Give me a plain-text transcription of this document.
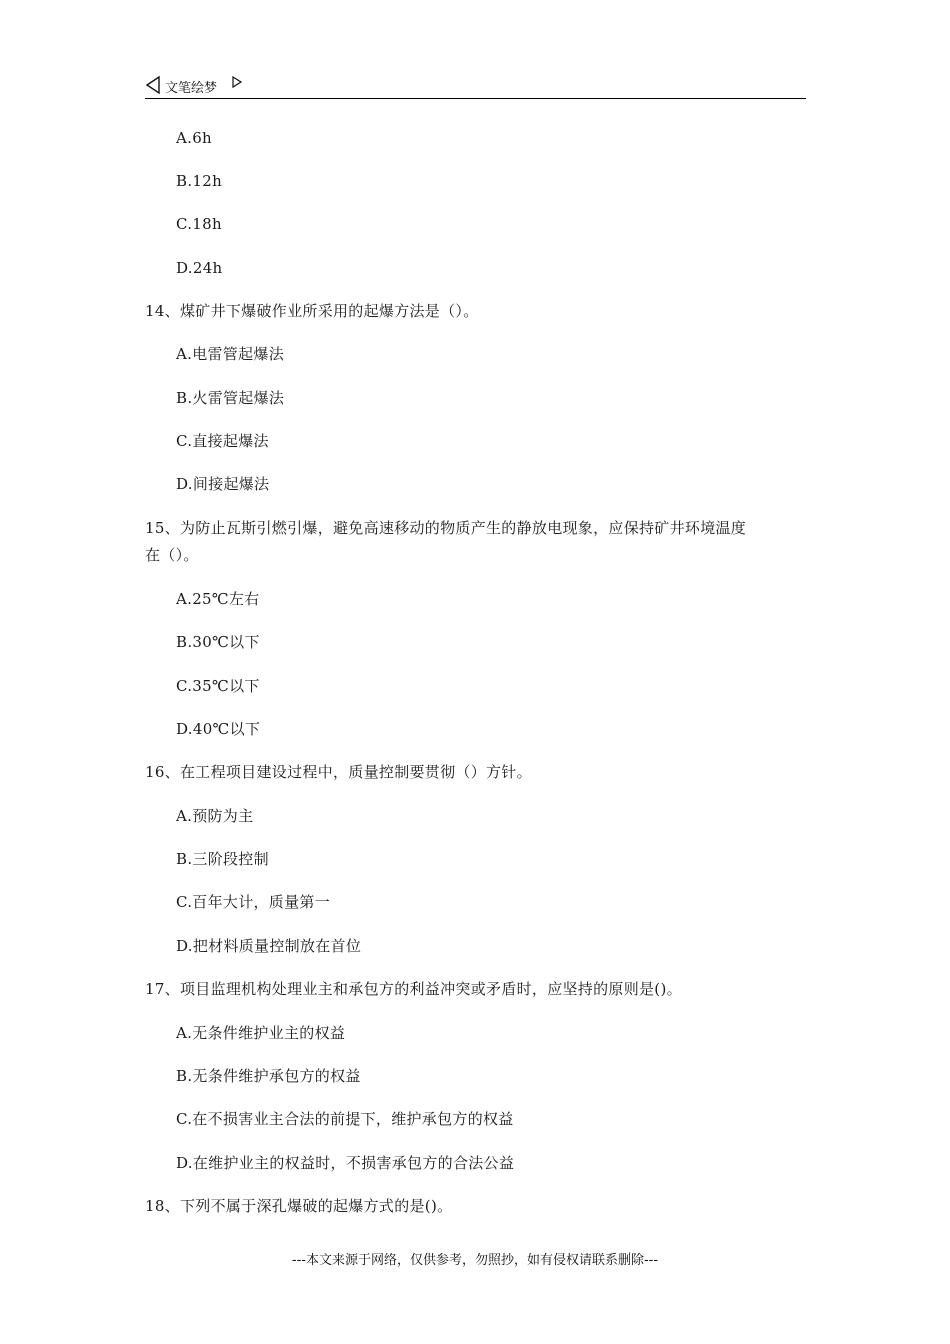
文笔绘梦
A.6h
B.12h
C.18h
D.24h
14、煤矿井下爆破作业所采用的起爆方法是（）。
A.电雷管起爆法
B.火雷管起爆法
C.直接起爆法
D.间接起爆法
15、为防止瓦斯引燃引爆，避免高速移动的物质产生的静放电现象，应保持矿井环境温度
在（）。
A.25℃左右
B.30℃以下
C.35℃以下
D.40℃以下
16、在工程项目建设过程中，质量控制要贯彻（）方针。
A.预防为主
B.三阶段控制
C.百年大计，质量第一
D.把材料质量控制放在首位
17、项目监理机构处理业主和承包方的利益冲突或矛盾时，应坚持的原则是()。
A.无条件维护业主的权益
B.无条件维护承包方的权益
C.在不损害业主合法的前提下，维护承包方的权益
D.在维护业主的权益时，不损害承包方的合法公益
18、下列不属于深孔爆破的起爆方式的是()。
---本文来源于网络，仅供参考，勿照抄，如有侵权请联系删除---
